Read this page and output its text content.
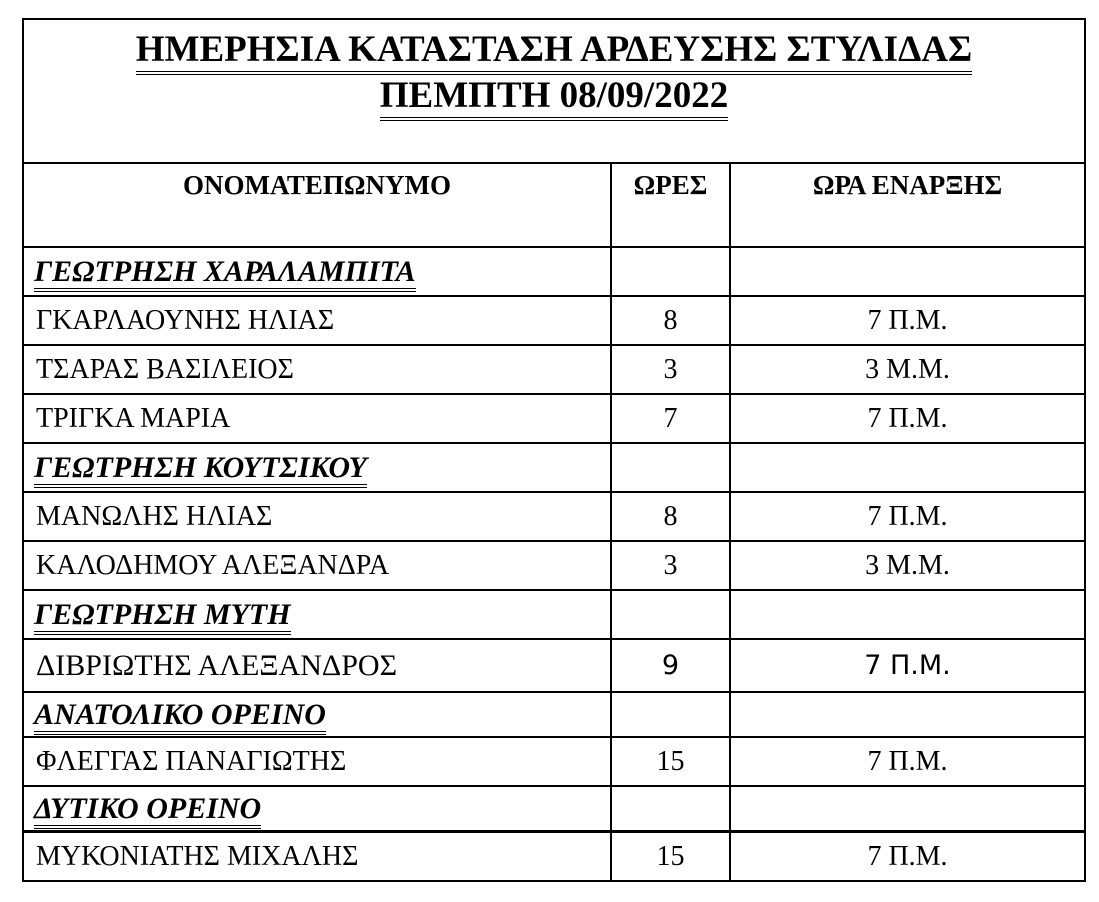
ΗΜΕΡΗΣΙΑ ΚΑΤΑΣΤΑΣΗ ΑΡΔΕΥΣΗΣ ΣΤΥΛΙΔΑΣ
ΠΕΜΠΤΗ 08/09/2022
ΟΝΟΜΑΤΕΠΩΝΥΜΟ	ΩΡΕΣ	ΩΡΑ ΕΝΑΡΞΗΣ
ΓΕΩΤΡΗΣΗ ΧΑΡΑΛΑΜΠΙΤΑ		
ΓΚΑΡΛΑΟΥΝΗΣ ΗΛΙΑΣ	8	7 Π.Μ.
ΤΣΑΡΑΣ ΒΑΣΙΛΕΙΟΣ	3	3 Μ.Μ.
ΤΡΙΓΚΑ ΜΑΡΙΑ	7	7 Π.Μ.
ΓΕΩΤΡΗΣΗ ΚΟΥΤΣΙΚΟΥ		
ΜΑΝΩΛΗΣ ΗΛΙΑΣ	8	7 Π.Μ.
ΚΑΛΟΔΗΜΟΥ ΑΛΕΞΑΝΔΡΑ	3	3 Μ.Μ.
ΓΕΩΤΡΗΣΗ ΜΥΤΗ		
ΔΙΒΡΙΩΤΗΣ ΑΛΕΞΑΝΔΡΟΣ	9	7 Π.Μ.
ΑΝΑΤΟΛΙΚΟ ΟΡΕΙΝΟ		
ΦΛΕΓΓΑΣ ΠΑΝΑΓΙΩΤΗΣ	15	7 Π.Μ.
ΔΥΤΙΚΟ ΟΡΕΙΝΟ		
ΜΥΚΟΝΙΑΤΗΣ ΜΙΧΑΛΗΣ	15	7 Π.Μ.
